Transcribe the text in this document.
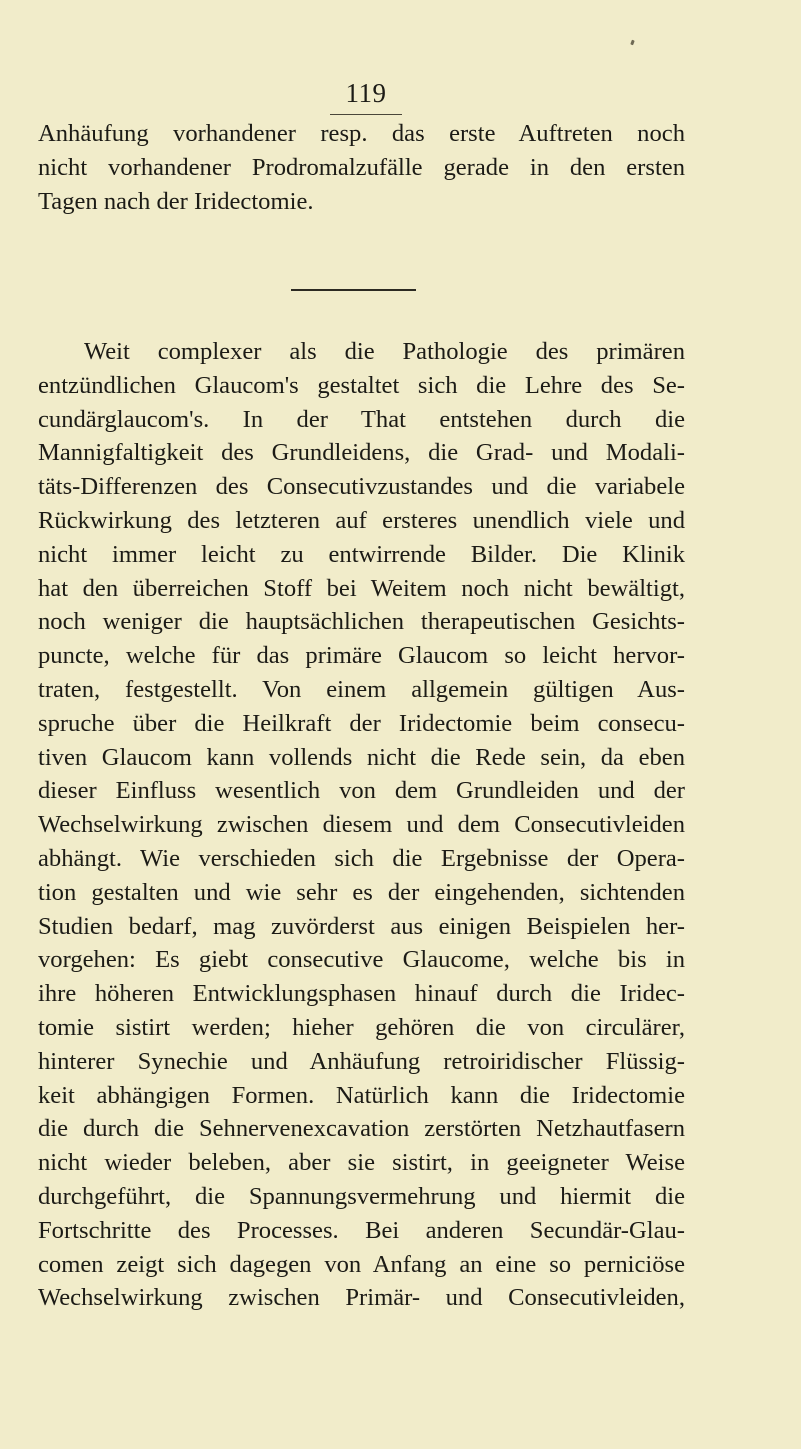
119
Anhäufung vorhandener resp. das erste Auftreten noch
nicht vorhandener Prodromalzufälle gerade in den ersten
Tagen nach der Iridectomie.
Weit complexer als die Pathologie des primären
entzündlichen Glaucom's gestaltet sich die Lehre des Se-
cundärglaucom's. In der That entstehen durch die
Mannigfaltigkeit des Grundleidens, die Grad- und Modali-
täts-Differenzen des Consecutivzustandes und die variabele
Rückwirkung des letzteren auf ersteres unendlich viele und
nicht immer leicht zu entwirrende Bilder. Die Klinik
hat den überreichen Stoff bei Weitem noch nicht bewältigt,
noch weniger die hauptsächlichen therapeutischen Gesichts-
puncte, welche für das primäre Glaucom so leicht hervor-
traten, festgestellt. Von einem allgemein gültigen Aus-
spruche über die Heilkraft der Iridectomie beim consecu-
tiven Glaucom kann vollends nicht die Rede sein, da eben
dieser Einfluss wesentlich von dem Grundleiden und der
Wechselwirkung zwischen diesem und dem Consecutivleiden
abhängt. Wie verschieden sich die Ergebnisse der Opera-
tion gestalten und wie sehr es der eingehenden, sichtenden
Studien bedarf, mag zuvörderst aus einigen Beispielen her-
vorgehen: Es giebt consecutive Glaucome, welche bis in
ihre höheren Entwicklungsphasen hinauf durch die Iridec-
tomie sistirt werden; hieher gehören die von circulärer,
hinterer Synechie und Anhäufung retroiridischer Flüssig-
keit abhängigen Formen. Natürlich kann die Iridectomie
die durch die Sehnervenexcavation zerstörten Netzhautfasern
nicht wieder beleben, aber sie sistirt, in geeigneter Weise
durchgeführt, die Spannungsvermehrung und hiermit die
Fortschritte des Processes. Bei anderen Secundär-Glau-
comen zeigt sich dagegen von Anfang an eine so perniciöse
Wechselwirkung zwischen Primär- und Consecutivleiden,
